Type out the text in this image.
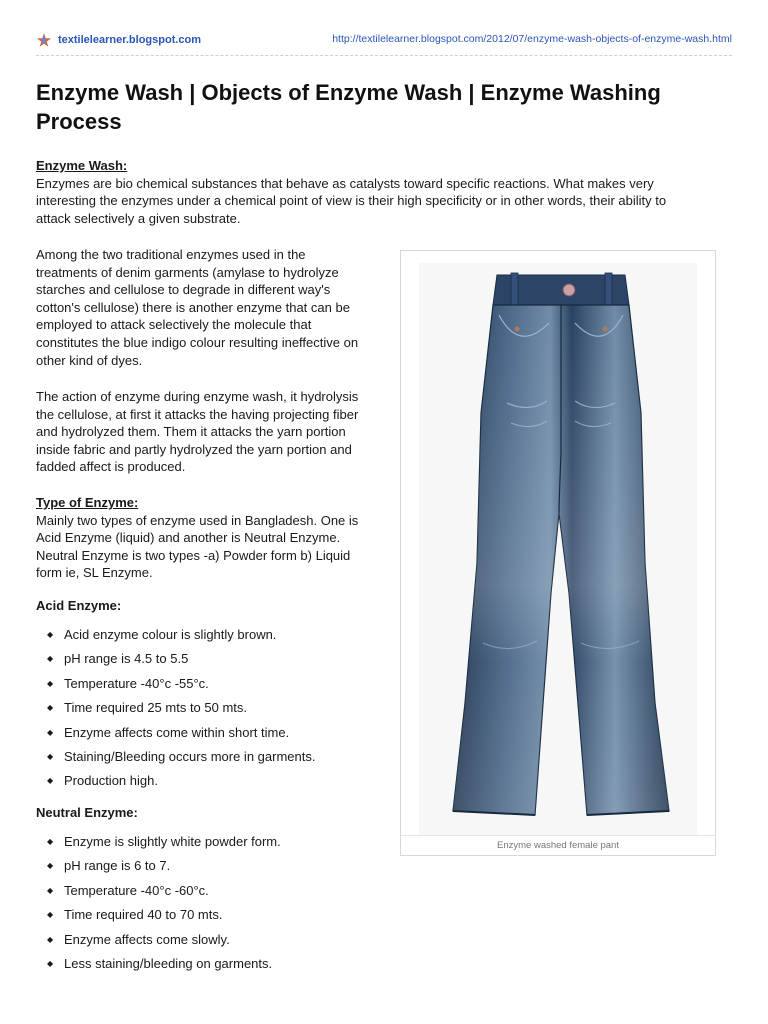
textilelearner.blogspot.com	http://textilelearner.blogspot.com/2012/07/enzyme-wash-objects-of-enzyme-wash.html
Enzyme Wash | Objects of Enzyme Wash | Enzyme Washing
Process
Enzyme Wash:
Enzymes are bio chemical substances that behave as catalysts toward specific reactions. What makes very
interesting the enzymes under a chemical point of view is their high specificity or in other words, their ability to
attack selectively a given substrate.
Among the two traditional enzymes used in the
treatments of denim garments (amylase to hydrolyze
starches and cellulose to degrade in different way's
cotton's cellulose) there is another enzyme that can be
employed to attack selectively the molecule that
constitutes the blue indigo colour resulting ineffective on
other kind of dyes.
The action of enzyme during enzyme wash, it hydrolysis
the cellulose, at first it attacks the having projecting fiber
and hydrolyzed them. Them it attacks the yarn portion
inside fabric and partly hydrolyzed the yarn portion and
fadded affect is produced.
Type of Enzyme:
Mainly two types of enzyme used in Bangladesh. One is
Acid Enzyme (liquid) and another is Neutral Enzyme.
Neutral Enzyme is two types -a) Powder form b) Liquid
form ie, SL Enzyme.
Acid Enzyme:
◆ Acid enzyme colour is slightly brown.
◆ pH range is 4.5 to 5.5
◆ Temperature -40°c -55°c.
◆ Time required 25 mts to 50 mts.
◆ Enzyme affects come within short time.
◆ Staining/Bleeding occurs more in garments.
◆ Production high.
Neutral Enzyme:
◆ Enzyme is slightly white powder form.
◆ pH range is 6 to 7.
◆ Temperature -40°c -60°c.
◆ Time required 40 to 70 mts.
◆ Enzyme affects come slowly.
◆ Less staining/bleeding on garments.
Enzyme washed female pant
